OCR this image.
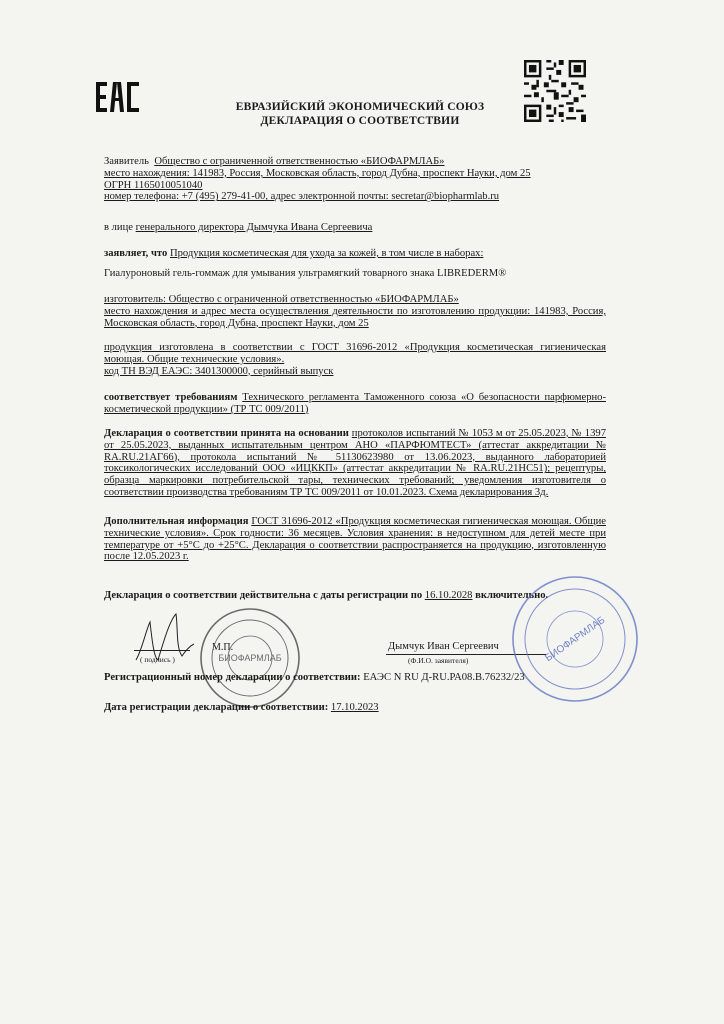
ЕВРАЗИЙСКИЙ ЭКОНОМИЧЕСКИЙ СОЮЗ
ДЕКЛАРАЦИЯ О СООТВЕТСТВИИ
Заявитель Общество с ограниченной ответственностью «БИОФАРМЛАБ»
место нахождения: 141983, Россия, Московская область, город Дубна, проспект Науки, дом 25
ОГРН 1165010051040
номер телефона: +7 (495) 279-41-00, адрес электронной почты: secretar@biopharmlab.ru
в лице генерального директора Дымчука Ивана Сергеевича
заявляет, что Продукция косметическая для ухода за кожей, в том числе в наборах:
Гиалуроновый гель-гоммаж для умывания ультрамягкий товарного знака LIBREDERM®
изготовитель: Общество с ограниченной ответственностью «БИОФАРМЛАБ»
место нахождения и адрес места осуществления деятельности по изготовлению продукции: 141983, Россия, Московская область, город Дубна, проспект Науки, дом 25
продукция изготовлена в соответствии с ГОСТ 31696-2012 «Продукция косметическая гигиеническая моющая. Общие технические условия».
код ТН ВЭД ЕАЭС: 3401300000, серийный выпуск
соответствует требованиям Технического регламента Таможенного союза «О безопасности парфюмерно-косметической продукции» (ТР ТС 009/2011)
Декларация о соответствии принята на основании протоколов испытаний № 1053 м от 25.05.2023, № 1397 от 25.05.2023, выданных испытательным центром АНО «ПАРФЮМТЕСТ» (аттестат аккредитации № RA.RU.21АГ66), протокола испытаний № 51130623980 от 13.06.2023, выданного лабораторией токсикологических исследований ООО «ИЦККП» (аттестат аккредитации № RA.RU.21НС51); рецептуры, образца маркировки потребительской тары, технических требований; уведомления изготовителя о соответствии производства требованиям ТР ТС 009/2011 от 10.01.2023. Схема декларирования 3д.
Дополнительная информация ГОСТ 31696-2012 «Продукция косметическая гигиеническая моющая. Общие технические условия». Срок годности: 36 месяцев. Условия хранения: в недоступном для детей месте при температуре от +5°С до +25°С. Декларация о соответствии распространяется на продукцию, изготовленную после 12.05.2023 г.
Декларация о соответствии действительна с даты регистрации по 16.10.2028 включительно.
( подпись )
М.П.	Дымчук Иван Сергеевич
(Ф.И.О. заявителя)
БИОФАРМЛАБ	БИОФАРМЛАБ
Регистрационный номер декларации о соответствии: ЕАЭС N RU Д-RU.РА08.В.76232/23
Дата регистрации декларации о соответствии: 17.10.2023
